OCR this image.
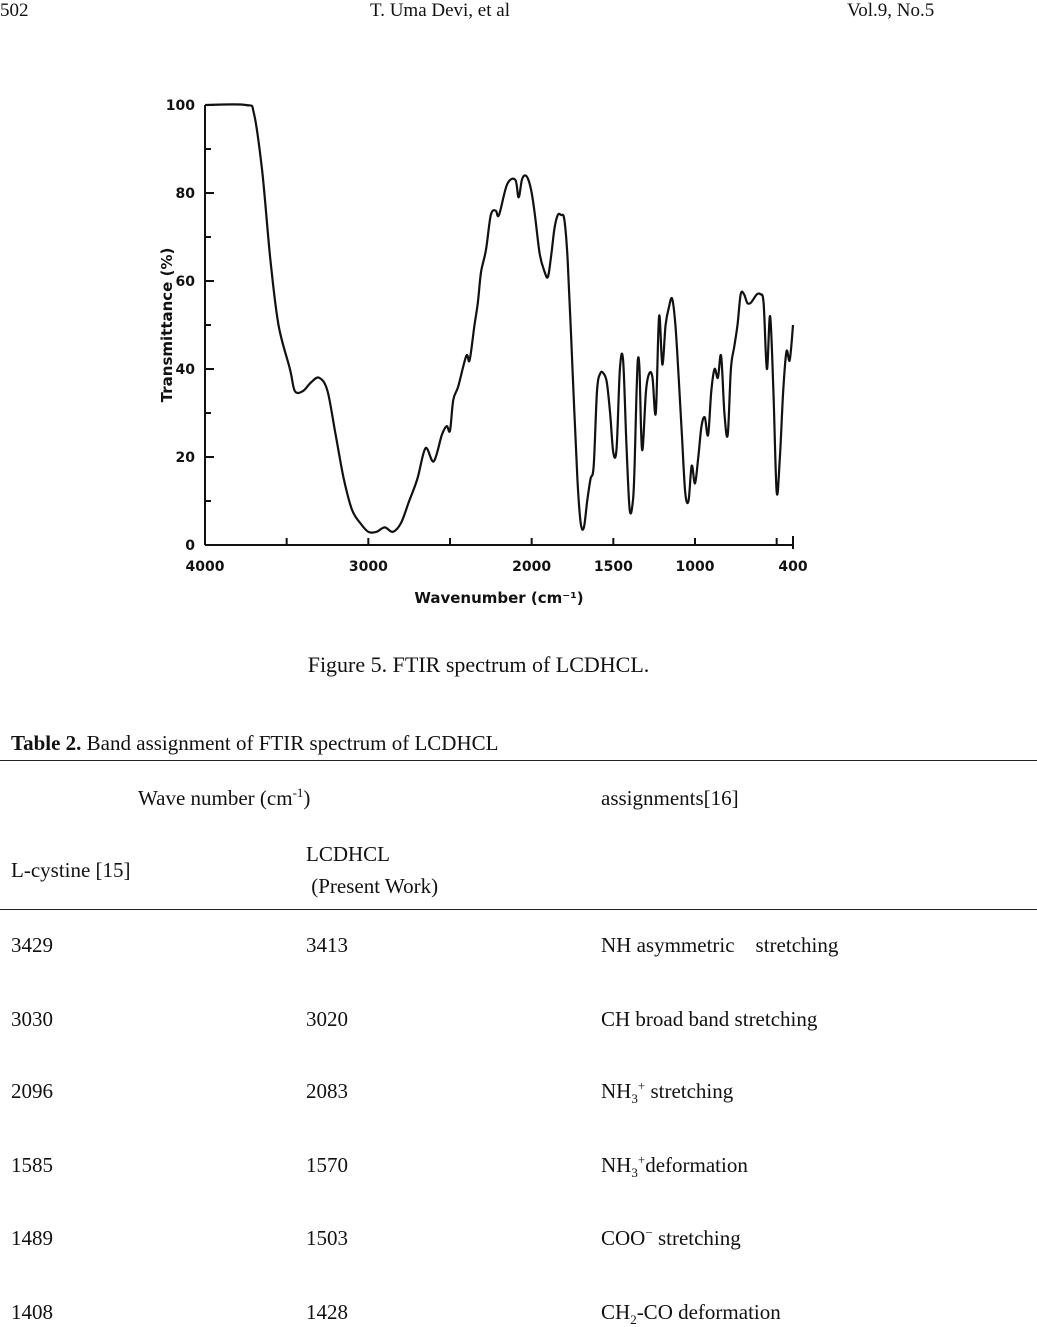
502	T. Uma Devi, et al	Vol.9, No.5
0
20
40
60
80
100
4000	3000	2000	1500	1000	400
Wavenumber (cm⁻¹)
Transmittance (%)
Figure 5. FTIR spectrum of LCDHCL.
Table 2. Band assignment of FTIR spectrum of LCDHCL
Wave number $(cm^{-1})$	assignments[16]
L-cystine [15]
LCDHCL
(Present Work)
3429	3413	NH asymmetric    stretching
3030	3020	CH broad band stretching
2096	2083	$NH_3^+$ stretching
1585	1570	$NH_3^+deformation$
1489	1503	COO− stretching
1408	1428	$CH_2-CO$ deformation
